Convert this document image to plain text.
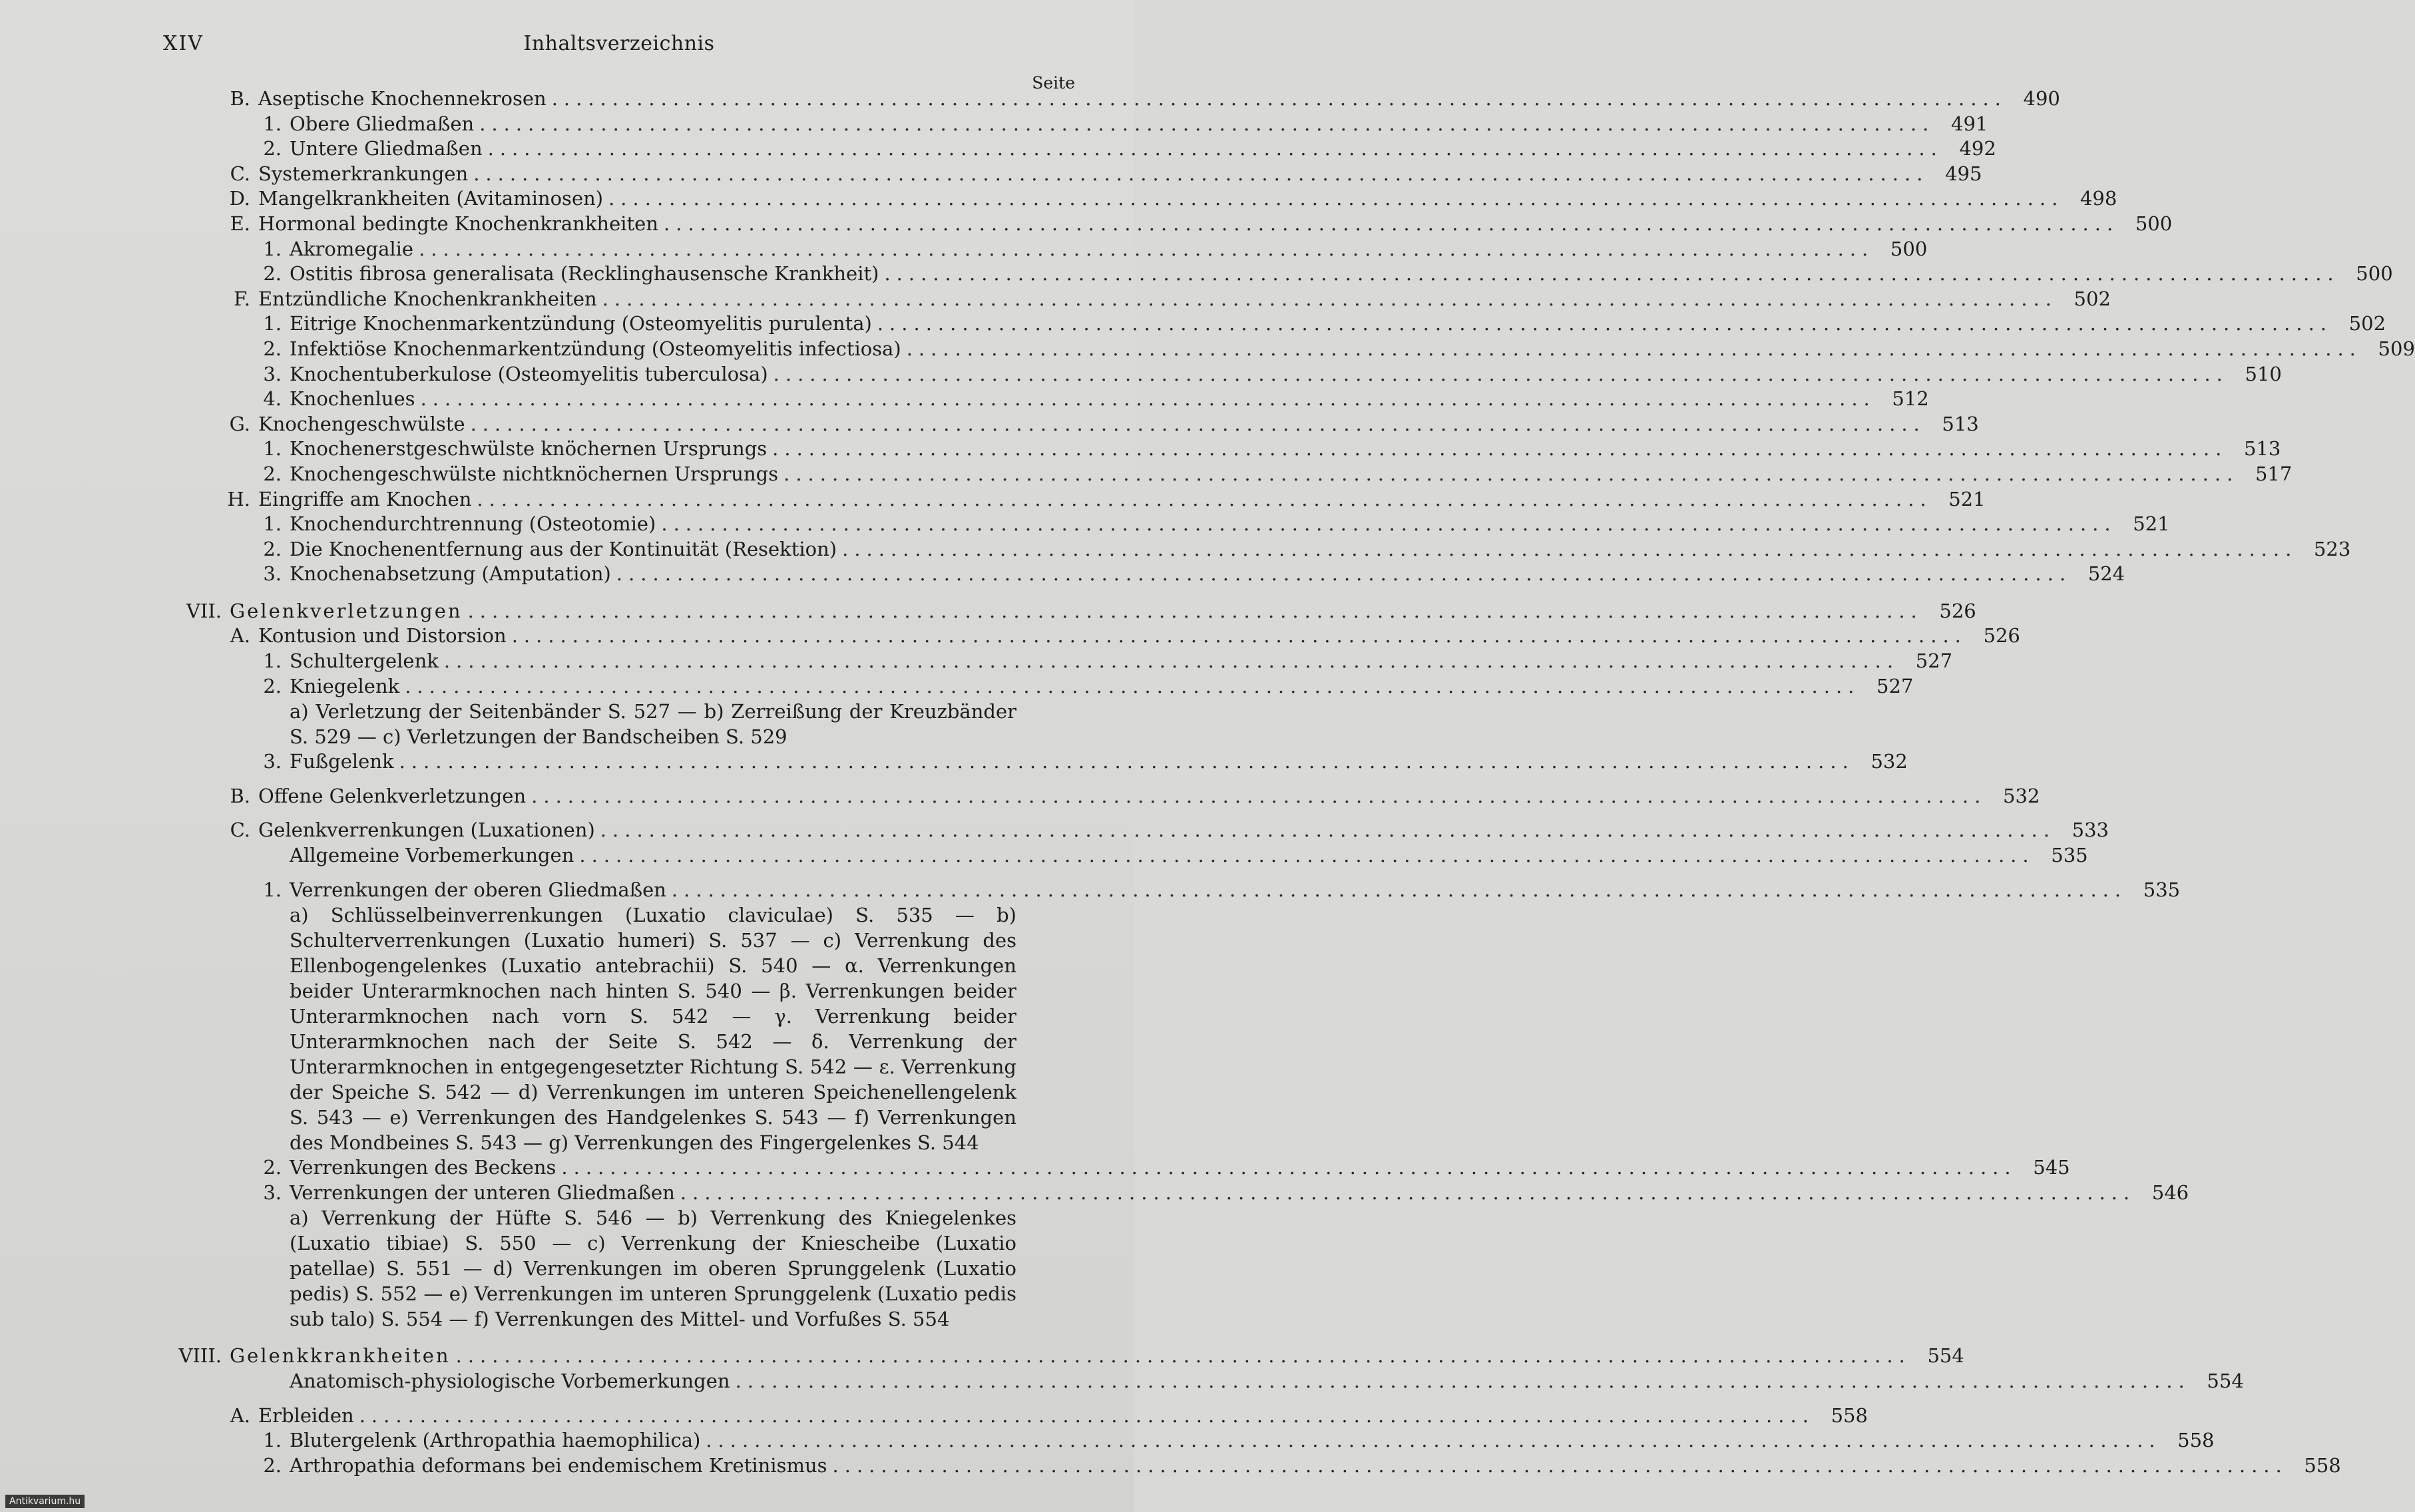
XIV	Inhaltsverzeichnis
Seite
B. Aseptische Knochennekrosen ........................................................................................................................ 490
1. Obere Gliedmaßen ........................................................................................................................ 491
2. Untere Gliedmaßen ........................................................................................................................ 492
C. Systemerkrankungen ........................................................................................................................ 495
D. Mangelkrankheiten (Avitaminosen) ........................................................................................................................ 498
E. Hormonal bedingte Knochenkrankheiten ........................................................................................................................ 500
1. Akromegalie ........................................................................................................................ 500
2. Ostitis fibrosa generalisata (Recklinghausensche Krankheit) ........................................................................................................................ 500
F. Entzündliche Knochenkrankheiten ........................................................................................................................ 502
1. Eitrige Knochenmarkentzündung (Osteomyelitis purulenta) ........................................................................................................................ 502
2. Infektiöse Knochenmarkentzündung (Osteomyelitis infectiosa) ........................................................................................................................ 509
3. Knochentuberkulose (Osteomyelitis tuberculosa) ........................................................................................................................ 510
4. Knochenlues ........................................................................................................................ 512
G. Knochengeschwülste ........................................................................................................................ 513
1. Knochenerstgeschwülste knöchernen Ursprungs ........................................................................................................................ 513
2. Knochengeschwülste nichtknöchernen Ursprungs ........................................................................................................................ 517
H. Eingriffe am Knochen ........................................................................................................................ 521
1. Knochendurchtrennung (Osteotomie) ........................................................................................................................ 521
2. Die Knochenentfernung aus der Kontinuität (Resektion) ........................................................................................................................ 523
3. Knochenabsetzung (Amputation) ........................................................................................................................ 524
VII. Gelenkverletzungen ........................................................................................................................ 526
A. Kontusion und Distorsion ........................................................................................................................ 526
1. Schultergelenk ........................................................................................................................ 527
2. Kniegelenk ........................................................................................................................ 527
a) Verletzung der Seitenbänder S. 527 — b) Zerreißung der Kreuzbänder S. 529 — c) Verletzungen der Bandscheiben S. 529
3. Fußgelenk ........................................................................................................................ 532
B. Offene Gelenkverletzungen ........................................................................................................................ 532
C. Gelenkverrenkungen (Luxationen) ........................................................................................................................ 533
Allgemeine Vorbemerkungen ........................................................................................................................ 535
1. Verrenkungen der oberen Gliedmaßen ........................................................................................................................ 535
a) Schlüsselbeinverrenkungen (Luxatio claviculae) S. 535 — b) Schulterverrenkungen (Luxatio humeri) S. 537 — c) Verrenkung des Ellenbogengelenkes (Luxatio antebrachii) S. 540 — α. Verrenkungen beider Unterarmknochen nach hinten S. 540 — β. Verrenkungen beider Unterarmknochen nach vorn S. 542 — γ. Verrenkung beider Unterarmknochen nach der Seite S. 542 — δ. Verrenkung der Unterarmknochen in entgegengesetzter Richtung S. 542 — ε. Verrenkung der Speiche S. 542 — d) Verrenkungen im unteren Speichenellengelenk S. 543 — e) Verrenkungen des Handgelenkes S. 543 — f) Verrenkungen des Mondbeines S. 543 — g) Verrenkungen des Fingergelenkes S. 544
2. Verrenkungen des Beckens ........................................................................................................................ 545
3. Verrenkungen der unteren Gliedmaßen ........................................................................................................................ 546
a) Verrenkung der Hüfte S. 546 — b) Verrenkung des Kniegelenkes (Luxatio tibiae) S. 550 — c) Verrenkung der Kniescheibe (Luxatio patellae) S. 551 — d) Verrenkungen im oberen Sprunggelenk (Luxatio pedis) S. 552 — e) Verrenkungen im unteren Sprunggelenk (Luxatio pedis sub talo) S. 554 — f) Verrenkungen des Mittel- und Vorfußes S. 554
VIII. Gelenkkrankheiten ........................................................................................................................ 554
Anatomisch-physiologische Vorbemerkungen ........................................................................................................................ 554
A. Erbleiden ........................................................................................................................ 558
1. Blutergelenk (Arthropathia haemophilica) ........................................................................................................................ 558
2. Arthropathia deformans bei endemischem Kretinismus ........................................................................................................................ 558
Antikvarium.hu
